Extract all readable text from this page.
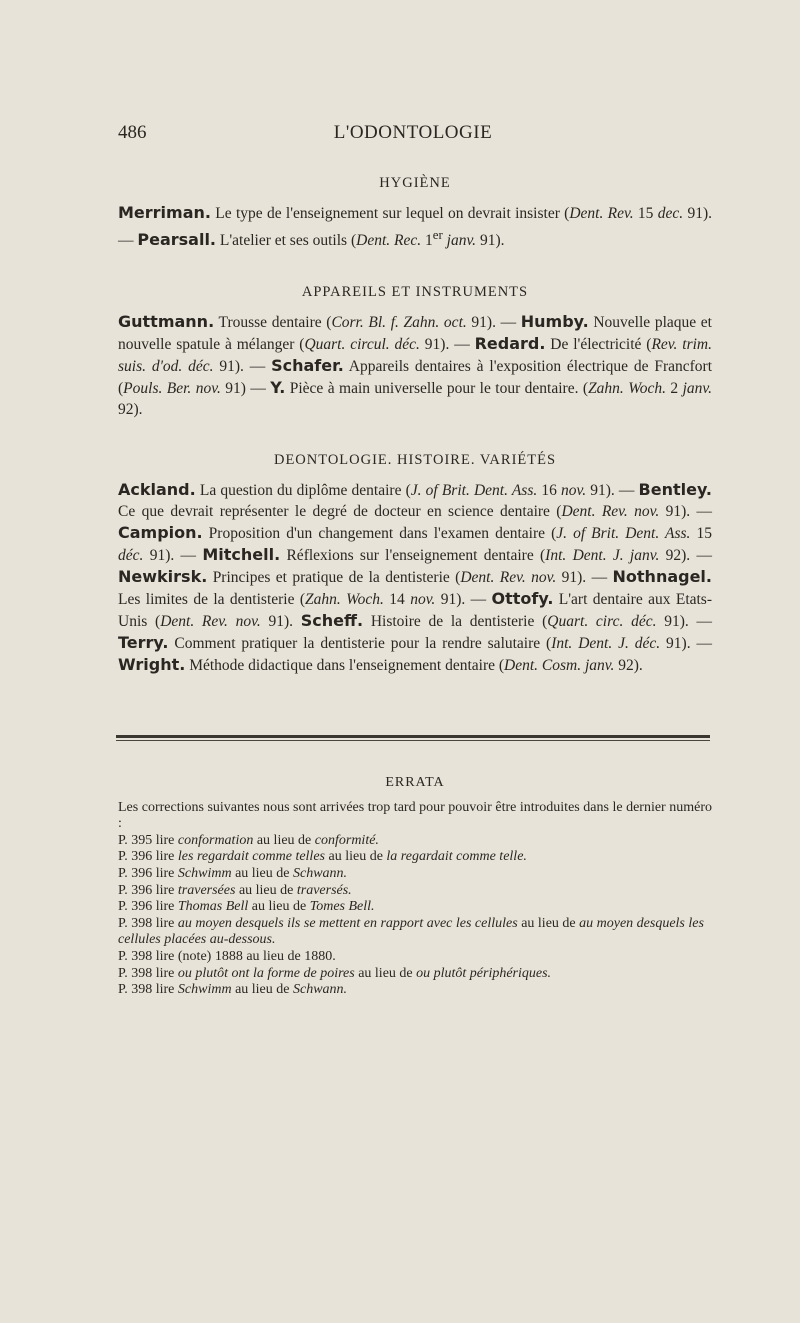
486	L'ODONTOLOGIE
HYGIÈNE

Merriman. Le type de l'enseignement sur lequel on devrait insister (Dent. Rev. 15 dec. 91). — Pearsall. L'atelier et ses outils (Dent. Rec. 1er janv. 91).

APPAREILS ET INSTRUMENTS

Guttmann. Trousse dentaire (Corr. Bl. f. Zahn. oct. 91). — Humby. Nouvelle plaque et nouvelle spatule à mélanger (Quart. circul. déc. 91). — Redard. De l'électricité (Rev. trim. suis. d'od. déc. 91). — Schafer. Appareils dentaires à l'exposition électrique de Francfort (Pouls. Ber. nov. 91) — Y. Pièce à main universelle pour le tour dentaire. (Zahn. Woch. 2 janv. 92).

DEONTOLOGIE. HISTOIRE. VARIÉTÉS

Ackland. La question du diplôme dentaire (J. of Brit. Dent. Ass. 16 nov. 91). — Bentley. Ce que devrait représenter le degré de docteur en science dentaire (Dent. Rev. nov. 91). — Campion. Proposition d'un changement dans l'examen dentaire (J. of Brit. Dent. Ass. 15 déc. 91). — Mitchell. Réflexions sur l'enseignement dentaire (Int. Dent. J. janv. 92). — Newkirsk. Principes et pratique de la dentisterie (Dent. Rev. nov. 91). — Nothnagel. Les limites de la dentisterie (Zahn. Woch. 14 nov. 91). — Ottofy. L'art dentaire aux Etats-Unis (Dent. Rev. nov. 91). Scheff. Histoire de la dentisterie (Quart. circ. déc. 91). — Terry. Comment pratiquer la dentisterie pour la rendre salutaire (Int. Dent. J. déc. 91). — Wright. Méthode didactique dans l'enseignement dentaire (Dent. Cosm. janv. 92).

ERRATA

Les corrections suivantes nous sont arrivées trop tard pour pouvoir être introduites dans le dernier numéro :

P. 395 lire conformation au lieu de conformité.

P. 396 lire les regardait comme telles au lieu de la regardait comme telle.

P. 396 lire Schwimm au lieu de Schwann.

P. 396 lire traversées au lieu de traversés.

P. 396 lire Thomas Bell au lieu de Tomes Bell.

P. 398 lire au moyen desquels ils se mettent en rapport avec les cellules au lieu de au moyen desquels les cellules placées au-dessous.

P. 398 lire (note) 1888 au lieu de 1880.

P. 398 lire ou plutôt ont la forme de poires au lieu de ou plutôt périphériques.

P. 398 lire Schwimm au lieu de Schwann.
